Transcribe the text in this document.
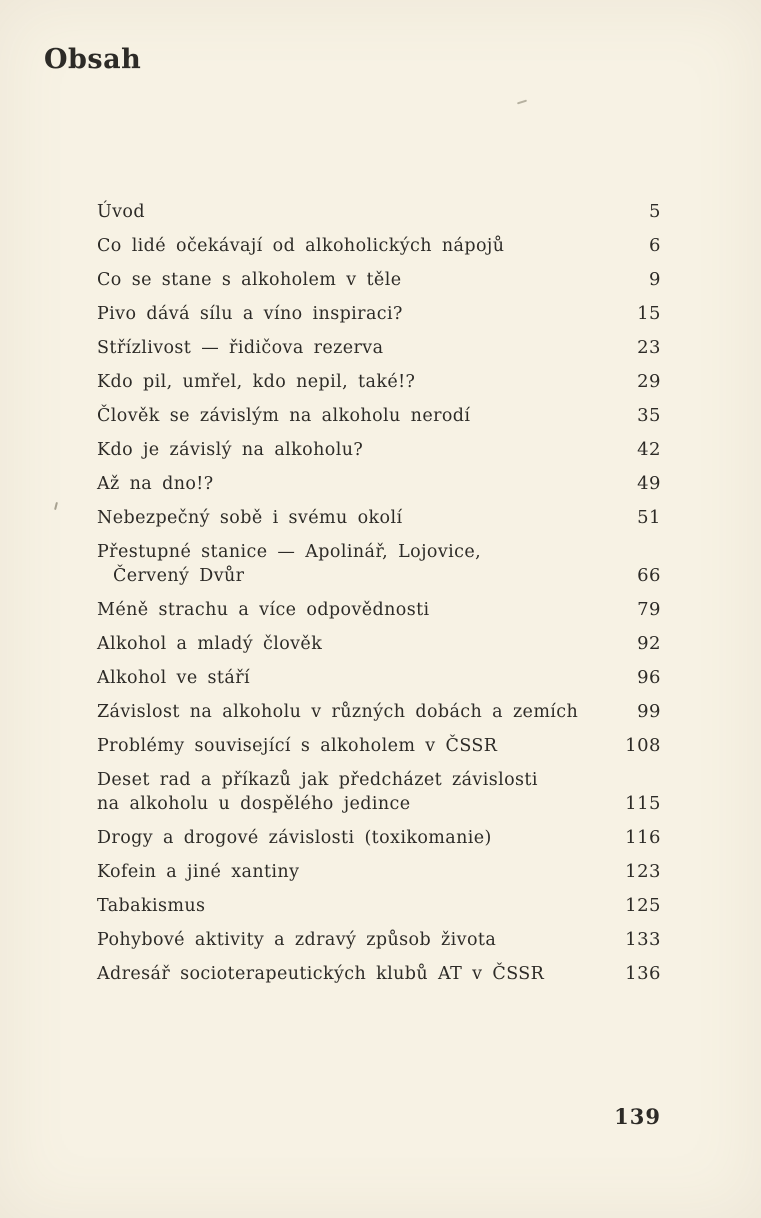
Obsah
Úvod	5
Co lidé očekávají od alkoholických nápojů	6
Co se stane s alkoholem v těle	9
Pivo dává sílu a víno inspiraci?	15
Střízlivost — řidičova rezerva	23
Kdo pil, umřel, kdo nepil, také!?	29
Člověk se závislým na alkoholu nerodí	35
Kdo je závislý na alkoholu?	42
Až na dno!?	49
Nebezpečný sobě i svému okolí	51
Přestupné stanice — Apolinář, Lojovice,
Červený Dvůr	66
Méně strachu a více odpovědnosti	79
Alkohol a mladý člověk	92
Alkohol ve stáří	96
Závislost na alkoholu v různých dobách a zemích	99
Problémy související s alkoholem v ČSSR	108
Deset rad a příkazů jak předcházet závislosti
na alkoholu u dospělého jedince	115
Drogy a drogové závislosti (toxikomanie)	116
Kofein a jiné xantiny	123
Tabakismus	125
Pohybové aktivity a zdravý způsob života	133
Adresář socioterapeutických klubů AT v ČSSR	136
139
